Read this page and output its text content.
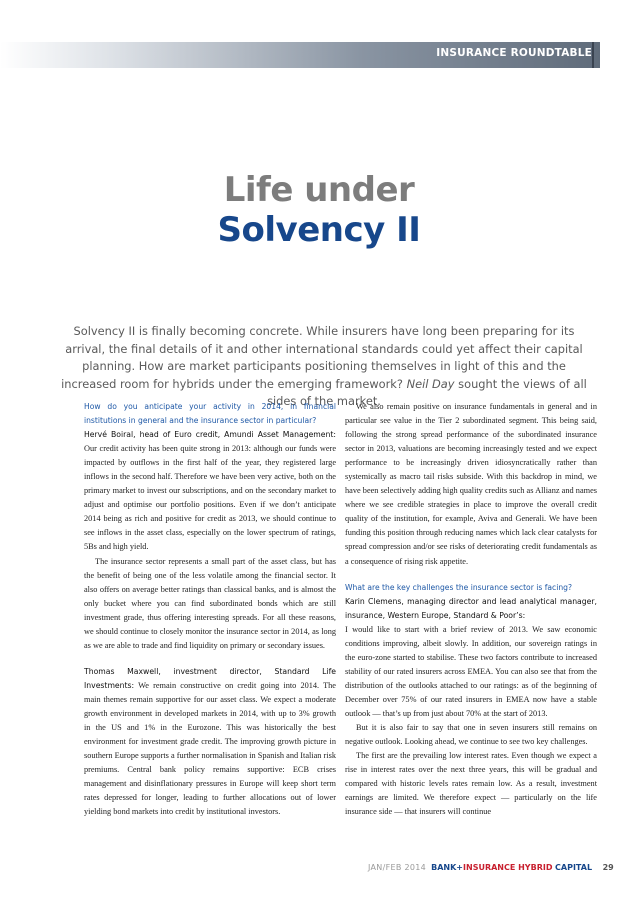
INSURANCE ROUNDTABLE
Life under
Solvency II
Solvency II is finally becoming concrete. While insurers have long been preparing for its arrival, the final details of it and other international standards could yet affect their capital planning. How are market participants positioning themselves in light of this and the increased room for hybrids under the emerging framework? Neil Day sought the views of all sides of the market.

How do you anticipate your activity in 2014, in financial institutions in general and the insurance sector in particular?

Hervé Boiral, head of Euro credit, Amundi Asset Management: Our credit activity has been quite strong in 2013: although our funds were impacted by outflows in the first half of the year, they registered large inflows in the second half. Therefore we have been very active, both on the primary market to invest our subscriptions, and on the secondary market to adjust and optimise our portfolio positions. Even if we don’t anticipate 2014 being as rich and positive for credit as 2013, we should continue to see inflows in the asset class, especially on the lower spectrum of ratings, 5Bs and high yield.

The insurance sector represents a small part of the asset class, but has the benefit of being one of the less volatile among the financial sector. It also offers on average better ratings than classical banks, and is almost the only bucket where you can find subordinated bonds which are still investment grade, thus offering interesting spreads. For all these reasons, we should continue to closely monitor the insurance sector in 2014, as long as we are able to trade and find liquidity on primary or secondary issues.

Thomas Maxwell, investment director, Standard Life Investments: We remain constructive on credit going into 2014. The main themes remain supportive for our asset class. We expect a moderate growth environment in developed markets in 2014, with up to 3% growth in the US and 1% in the Eurozone. This was historically the best environment for investment grade credit. The improving growth picture in southern Europe supports a further normalisation in Spanish and Italian risk premiums. Central bank policy remains supportive: ECB crises management and disinflationary pressures in Europe will keep short term rates depressed for longer, leading to further allocations out of lower yielding bond markets into credit by institutional investors.

We also remain positive on insurance fundamentals in general and in particular see value in the Tier 2 subordinated segment. This being said, following the strong spread performance of the subordinated insurance sector in 2013, valuations are becoming increasingly tested and we expect performance to be increasingly driven idiosyncratically rather than systemically as macro tail risks subside. With this backdrop in mind, we have been selectively adding high quality credits such as Allianz and names where we see credible strategies in place to improve the overall credit quality of the institution, for example, Aviva and Generali. We have been funding this position through reducing names which lack clear catalysts for spread compression and/or see risks of deteriorating credit fundamentals as a consequence of rising risk appetite.

What are the key challenges the insurance sector is facing?

Karin Clemens, managing director and lead analytical manager, insurance, Western Europe, Standard & Poor’s:

I would like to start with a brief review of 2013. We saw economic conditions improving, albeit slowly. In addition, our sovereign ratings in the euro-zone started to stabilise. These two factors contribute to increased stability of our rated insurers across EMEA. You can also see that from the distribution of the outlooks attached to our ratings: as of the beginning of December over 75% of our rated insurers in EMEA now have a stable outlook — that’s up from just about 70% at the start of 2013.

But it is also fair to say that one in seven insurers still remains on negative outlook. Looking ahead, we continue to see two key challenges.

The first are the prevailing low interest rates. Even though we expect a rise in interest rates over the next three years, this will be gradual and compared with historic levels rates remain low. As a result, investment earnings are limited. We therefore expect — particularly on the life insurance side — that insurers will continue

JAN/FEB 2014 BANK+INSURANCE HYBRID CAPITAL 29
